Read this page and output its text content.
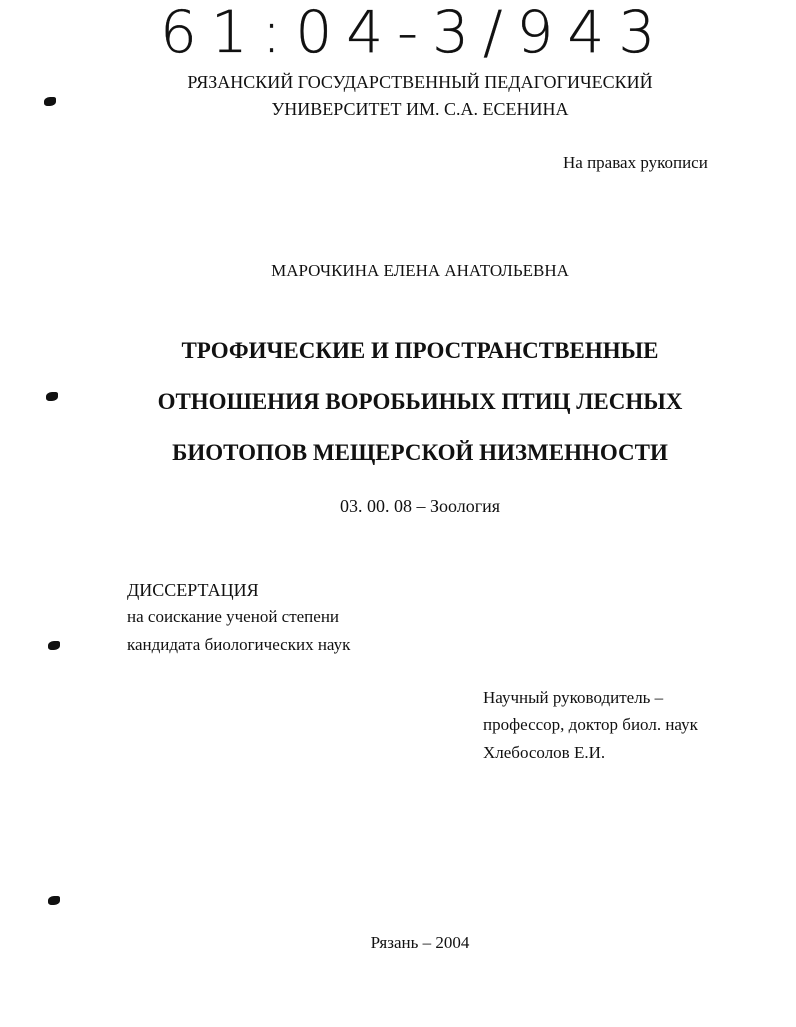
61:04-3/943
РЯЗАНСКИЙ ГОСУДАРСТВЕННЫЙ ПЕДАГОГИЧЕСКИЙ
УНИВЕРСИТЕТ ИМ. С.А. ЕСЕНИНА
На правах рукописи
МАРОЧКИНА ЕЛЕНА АНАТОЛЬЕВНА
ТРОФИЧЕСКИЕ И ПРОСТРАНСТВЕННЫЕ
ОТНОШЕНИЯ ВОРОБЬИНЫХ ПТИЦ ЛЕСНЫХ
БИОТОПОВ МЕЩЕРСКОЙ НИЗМЕННОСТИ
03. 00. 08 – Зоология
ДИССЕРТАЦИЯ
на соискание ученой степени
кандидата биологических наук
Научный руководитель –
профессор, доктор биол. наук
Хлебосолов Е.И.
Рязань – 2004
